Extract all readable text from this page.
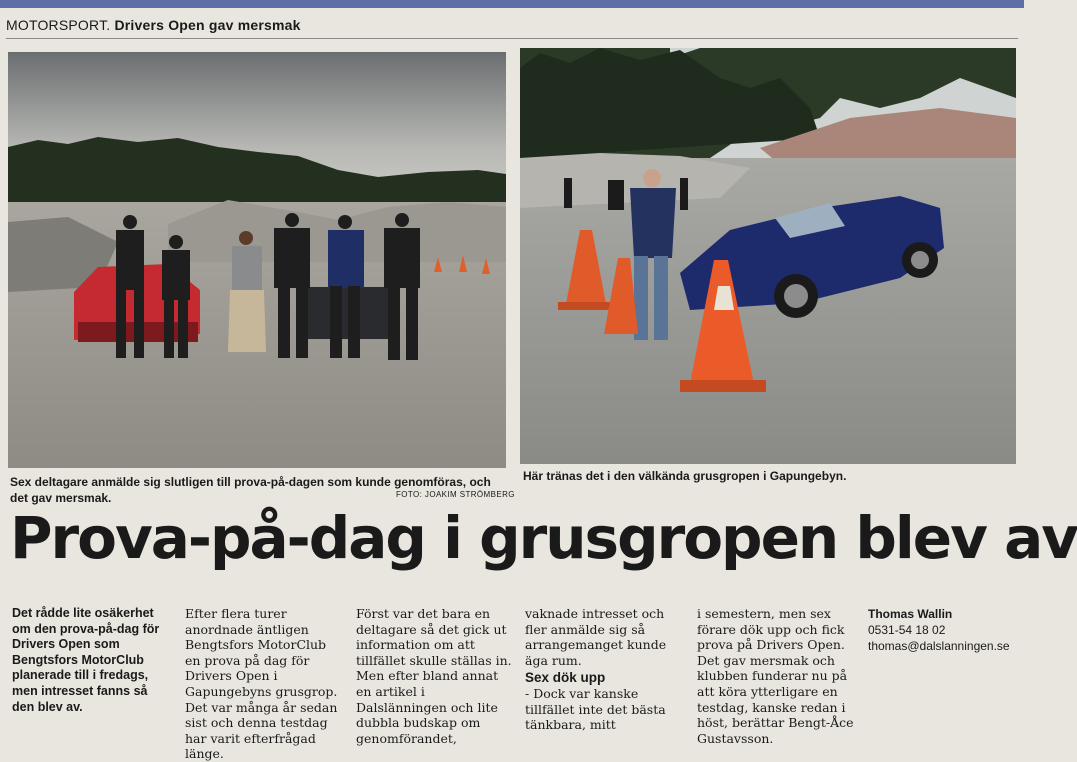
MOTORSPORT. Drivers Open gav mersmak
Sex deltagare anmälde sig slutligen till prova-på-dagen som kunde genomföras, och det gav mersmak.	FOTO: JOAKIM STRÖMBERG
Här tränas det i den välkända grusgropen i Gapungebyn.
Prova-på-dag i grusgropen blev av
Det rådde lite osäkerhet om den prova-på-dag för Drivers Open som Bengtsfors MotorClub planerade till i fredags, men intresset fanns så den blev av.
Efter flera turer anordnade äntligen Bengtsfors MotorClub en prova på dag för Drivers Open i Gapungebyns grusgrop. Det var många år sedan sist och denna testdag har varit efterfrågad länge.
Först var det bara en deltagare så det gick ut information om att tillfället skulle ställas in. Men efter bland annat en artikel i Dalslänningen och lite dubbla budskap om genomförandet,
vaknade intresset och fler anmälde sig så arrangemanget kunde äga rum.
Sex dök upp
- Dock var kanske tillfället inte det bästa tänkbara, mitt
i semestern, men sex förare dök upp och fick prova på Drivers Open. Det gav mersmak och klubben funderar nu på att köra ytterligare en testdag, kanske redan i höst, berättar Bengt-Åce Gustavsson.
Thomas Wallin
0531-54 18 02
thomas@dalslanningen.se
